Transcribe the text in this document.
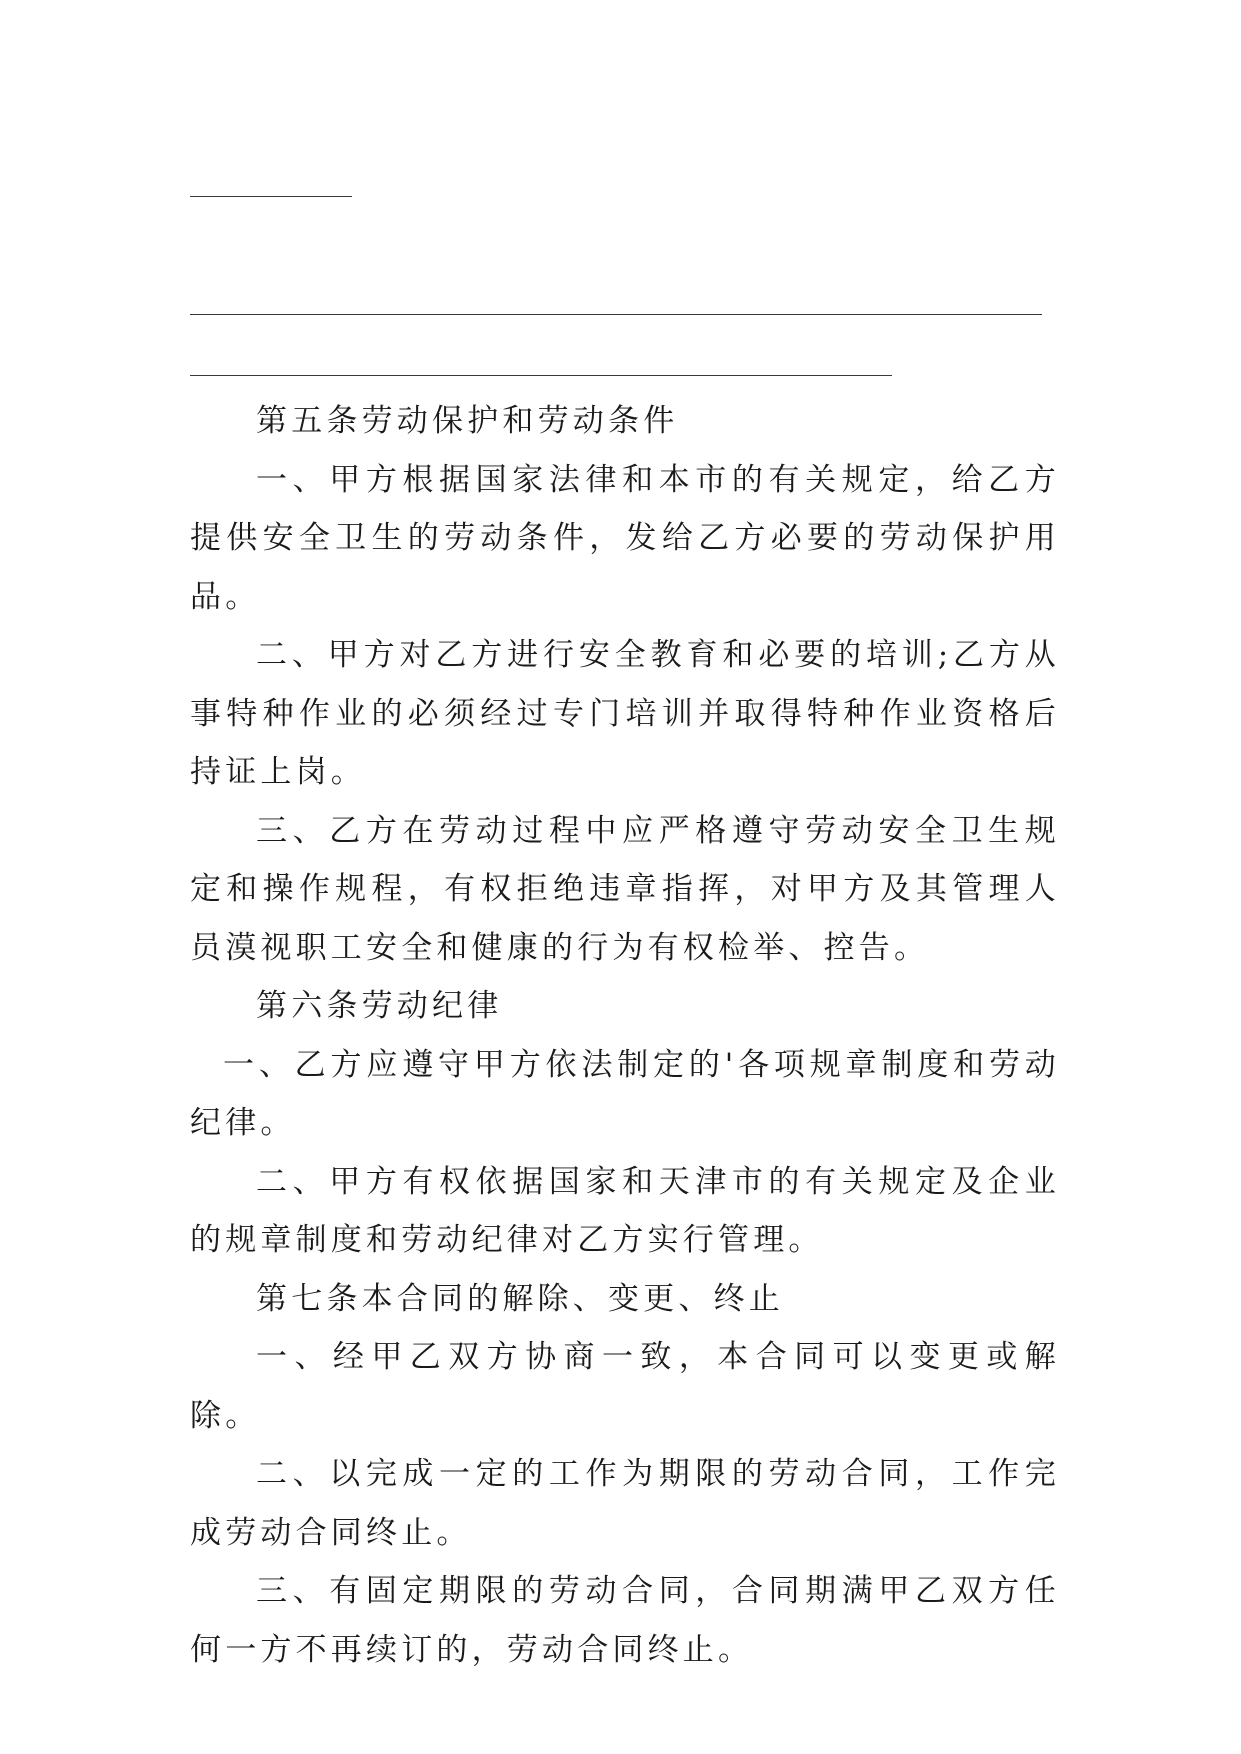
第五条劳动保护和劳动条件

一、甲方根据国家法律和本市的有关规定，给乙方提供安全卫生的劳动条件，发给乙方必要的劳动保护用品。

二、甲方对乙方进行安全教育和必要的培训;乙方从事特种作业的必须经过专门培训并取得特种作业资格后持证上岗。

三、乙方在劳动过程中应严格遵守劳动安全卫生规定和操作规程，有权拒绝违章指挥，对甲方及其管理人员漠视职工安全和健康的行为有权检举、控告。

第六条劳动纪律

一、乙方应遵守甲方依法制定的'各项规章制度和劳动纪律。

二、甲方有权依据国家和天津市的有关规定及企业的规章制度和劳动纪律对乙方实行管理。

第七条本合同的解除、变更、终止

一、经甲乙双方协商一致，本合同可以变更或解除。

二、以完成一定的工作为期限的劳动合同，工作完成劳动合同终止。

三、有固定期限的劳动合同，合同期满甲乙双方任何一方不再续订的，劳动合同终止。
